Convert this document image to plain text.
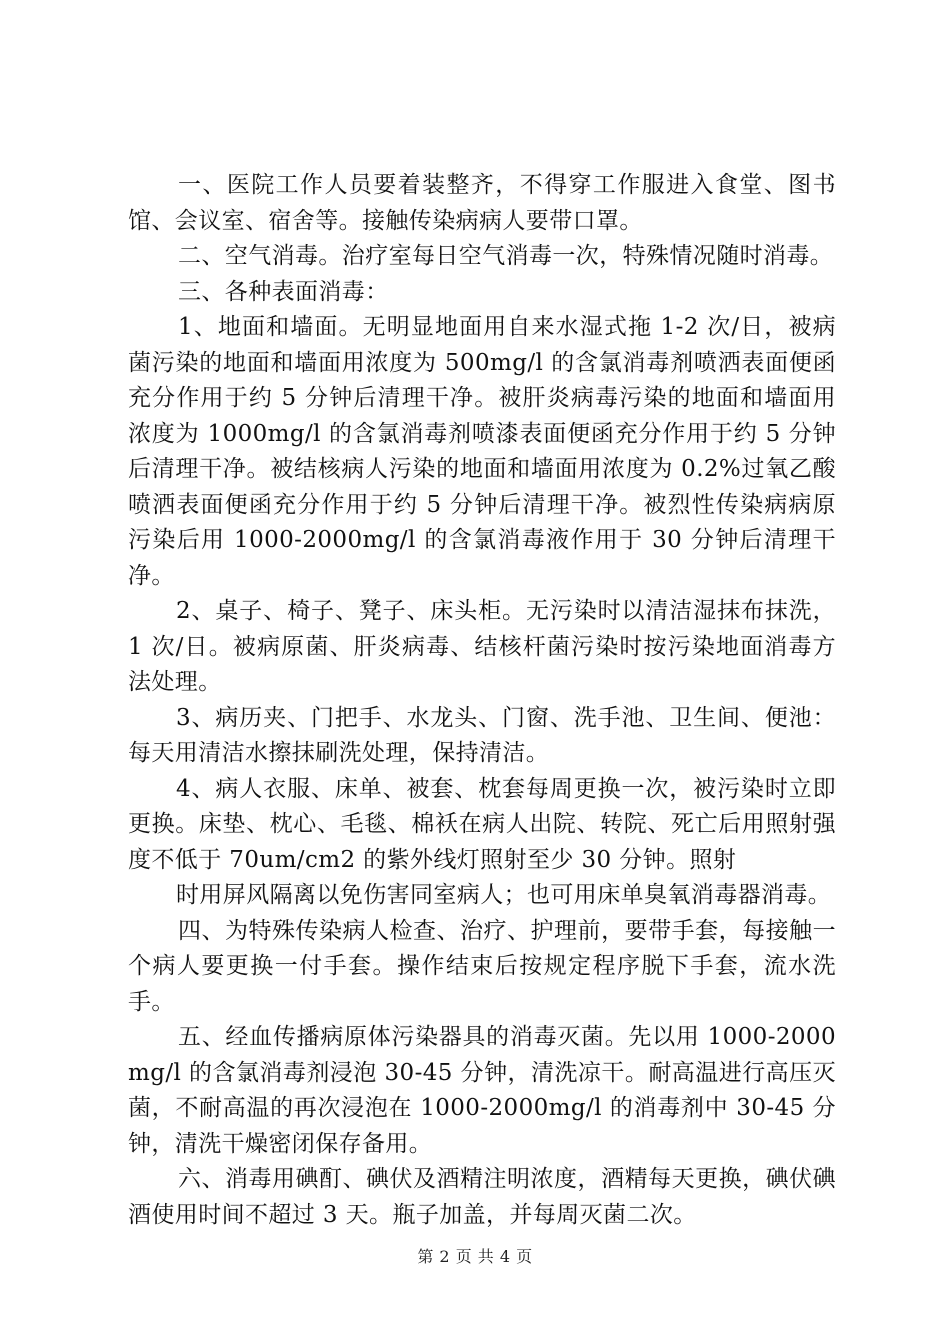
一、医院工作人员要着装整齐，不得穿工作服进入食堂、图书馆、会议室、宿舍等。接触传染病病人要带口罩。

二、空气消毒。治疗室每日空气消毒一次，特殊情况随时消毒。

三、各种表面消毒：

1、地面和墙面。无明显地面用自来水湿式拖 1-2 次/日，被病菌污染的地面和墙面用浓度为 500mg/l 的含氯消毒剂喷洒表面便函充分作用于约 5 分钟后清理干净。被肝炎病毒污染的地面和墙面用浓度为 1000mg/l 的含氯消毒剂喷漆表面便函充分作用于约 5 分钟后清理干净。被结核病人污染的地面和墙面用浓度为 0.2%过氧乙酸喷洒表面便函充分作用于约 5 分钟后清理干净。被烈性传染病病原污染后用 1000-2000mg/l 的含氯消毒液作用于 30 分钟后清理干净。

2、桌子、椅子、凳子、床头柜。无污染时以清洁湿抹布抹洗，1 次/日。被病原菌、肝炎病毒、结核杆菌污染时按污染地面消毒方法处理。

3、病历夹、门把手、水龙头、门窗、洗手池、卫生间、便池：每天用清洁水擦抹刷洗处理，保持清洁。

4、病人衣服、床单、被套、枕套每周更换一次，被污染时立即更换。床垫、枕心、毛毯、棉袄在病人出院、转院、死亡后用照射强度不低于 70um/cm2 的紫外线灯照射至少 30 分钟。照射

时用屏风隔离以免伤害同室病人；也可用床单臭氧消毒器消毒。

四、为特殊传染病人检查、治疗、护理前，要带手套，每接触一个病人要更换一付手套。操作结束后按规定程序脱下手套，流水洗手。

五、经血传播病原体污染器具的消毒灭菌。先以用 1000-2000mg/l 的含氯消毒剂浸泡 30-45 分钟，清洗凉干。耐高温进行高压灭菌，不耐高温的再次浸泡在 1000-2000mg/l 的消毒剂中 30-45 分钟，清洗干燥密闭保存备用。

六、消毒用碘酊、碘伏及酒精注明浓度，酒精每天更换，碘伏碘酒使用时间不超过 3 天。瓶子加盖，并每周灭菌二次。

第 2 页 共 4 页
